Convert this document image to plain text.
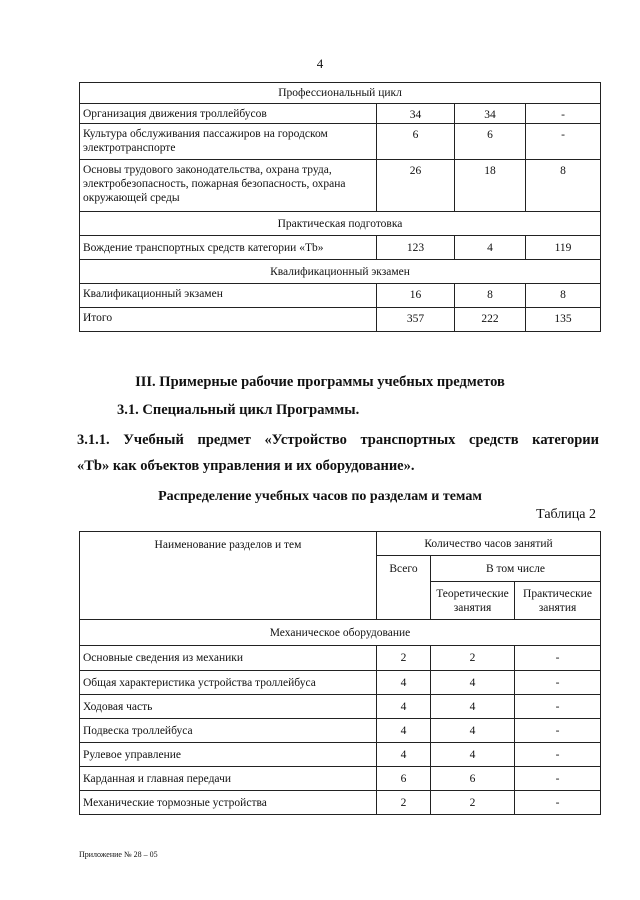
4
Профессиональный цикл			
Организация движения троллейбусов	34	34	-
Культура обслуживания пассажиров на городском электротранспорте	6	6	-
Основы трудового законодательства, охрана труда, электробезопасность, пожарная безопасность, охрана окружающей среды	26	18	8
Практическая подготовка			
Вождение транспортных средств категории «Tb»	123	4	119
Квалификационный экзамен			
Квалификационный экзамен	16	8	8
Итого	357	222	135
III. Примерные рабочие программы учебных предметов
3.1. Специальный цикл Программы.
3.1.1. Учебный предмет «Устройство транспортных средств категории
«Tb» как объектов управления и их оборудование».
Распределение учебных часов по разделам и темам
Таблица 2
Наименование разделов и тем	Количество часов занятий		
	Всего	В том числе	
		Теоретические занятия	Практические занятия
Механическое оборудование			
Основные сведения из механики	2	2	-
Общая характеристика устройства троллейбуса	4	4	-
Ходовая часть	4	4	-
Подвеска троллейбуса	4	4	-
Рулевое управление	4	4	-
Карданная и главная передачи	6	6	-
Механические тормозные устройства	2	2	-
Приложение № 28 – 05
